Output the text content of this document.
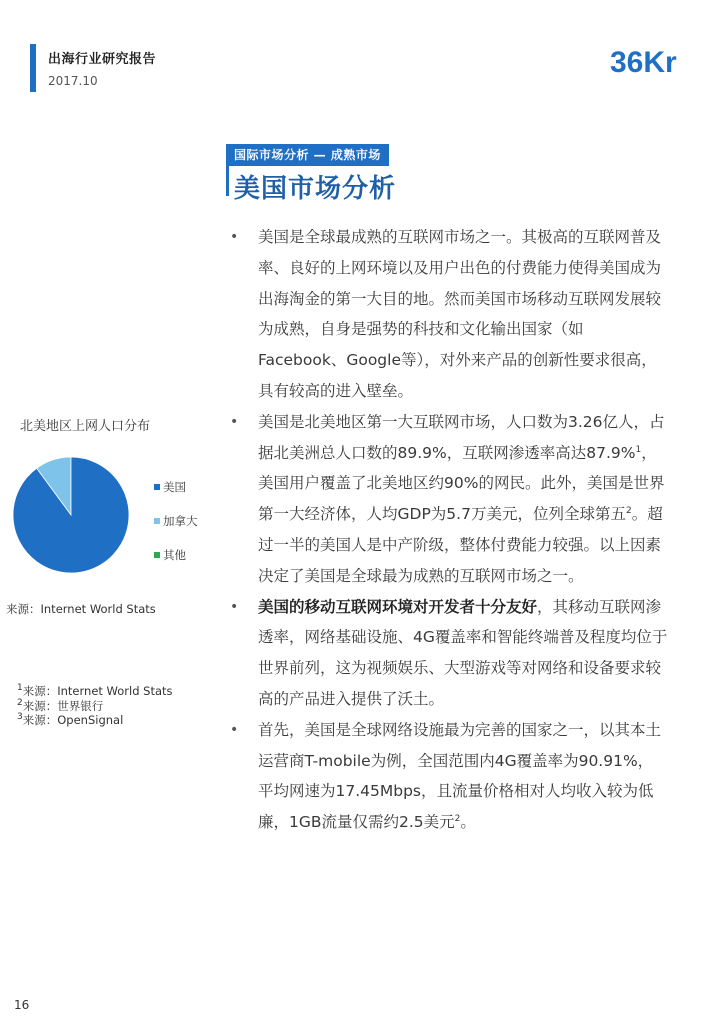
出海行业研究报告
2017.10
36Kr
国际市场分析 — 成熟市场
美国市场分析
• 美国是全球最成熟的互联网市场之一。其极高的互联网普及率、良好的上网环境以及用户出色的付费能力使得美国成为出海淘金的第一大目的地。然而美国市场移动互联网发展较为成熟，自身是强势的科技和文化输出国家（如Facebook、Google等），对外来产品的创新性要求很高，具有较高的进入壁垒。
• 美国是北美地区第一大互联网市场，人口数为3.26亿人，占据北美洲总人口数的89.9%，互联网渗透率高达87.9%$^1$，美国用户覆盖了北美地区约90%的网民。此外，美国是世界第一大经济体，人均GDP为5.7万美元，位列全球第五$^2$。超过一半的美国人是中产阶级，整体付费能力较强。以上因素决定了美国是全球最为成熟的互联网市场之一。
• 美国的移动互联网环境对开发者十分友好，其移动互联网渗透率，网络基础设施、4G覆盖率和智能终端普及程度均位于世界前列，这为视频娱乐、大型游戏等对网络和设备要求较高的产品进入提供了沃土。
• 首先，美国是全球网络设施最为完善的国家之一，以其本土运营商T-mobile为例，全国范围内4G覆盖率为90.91%，平均网速为17.45Mbps，且流量价格相对人均收入较为低廉，1GB流量仅需约2.5美元$^2$。
北美地区上网人口分布
美国
加拿大
其他
来源：Internet World Stats
$^1$来源：Internet World Stats
$^2$来源：世界银行
$^3$来源：OpenSignal
16
